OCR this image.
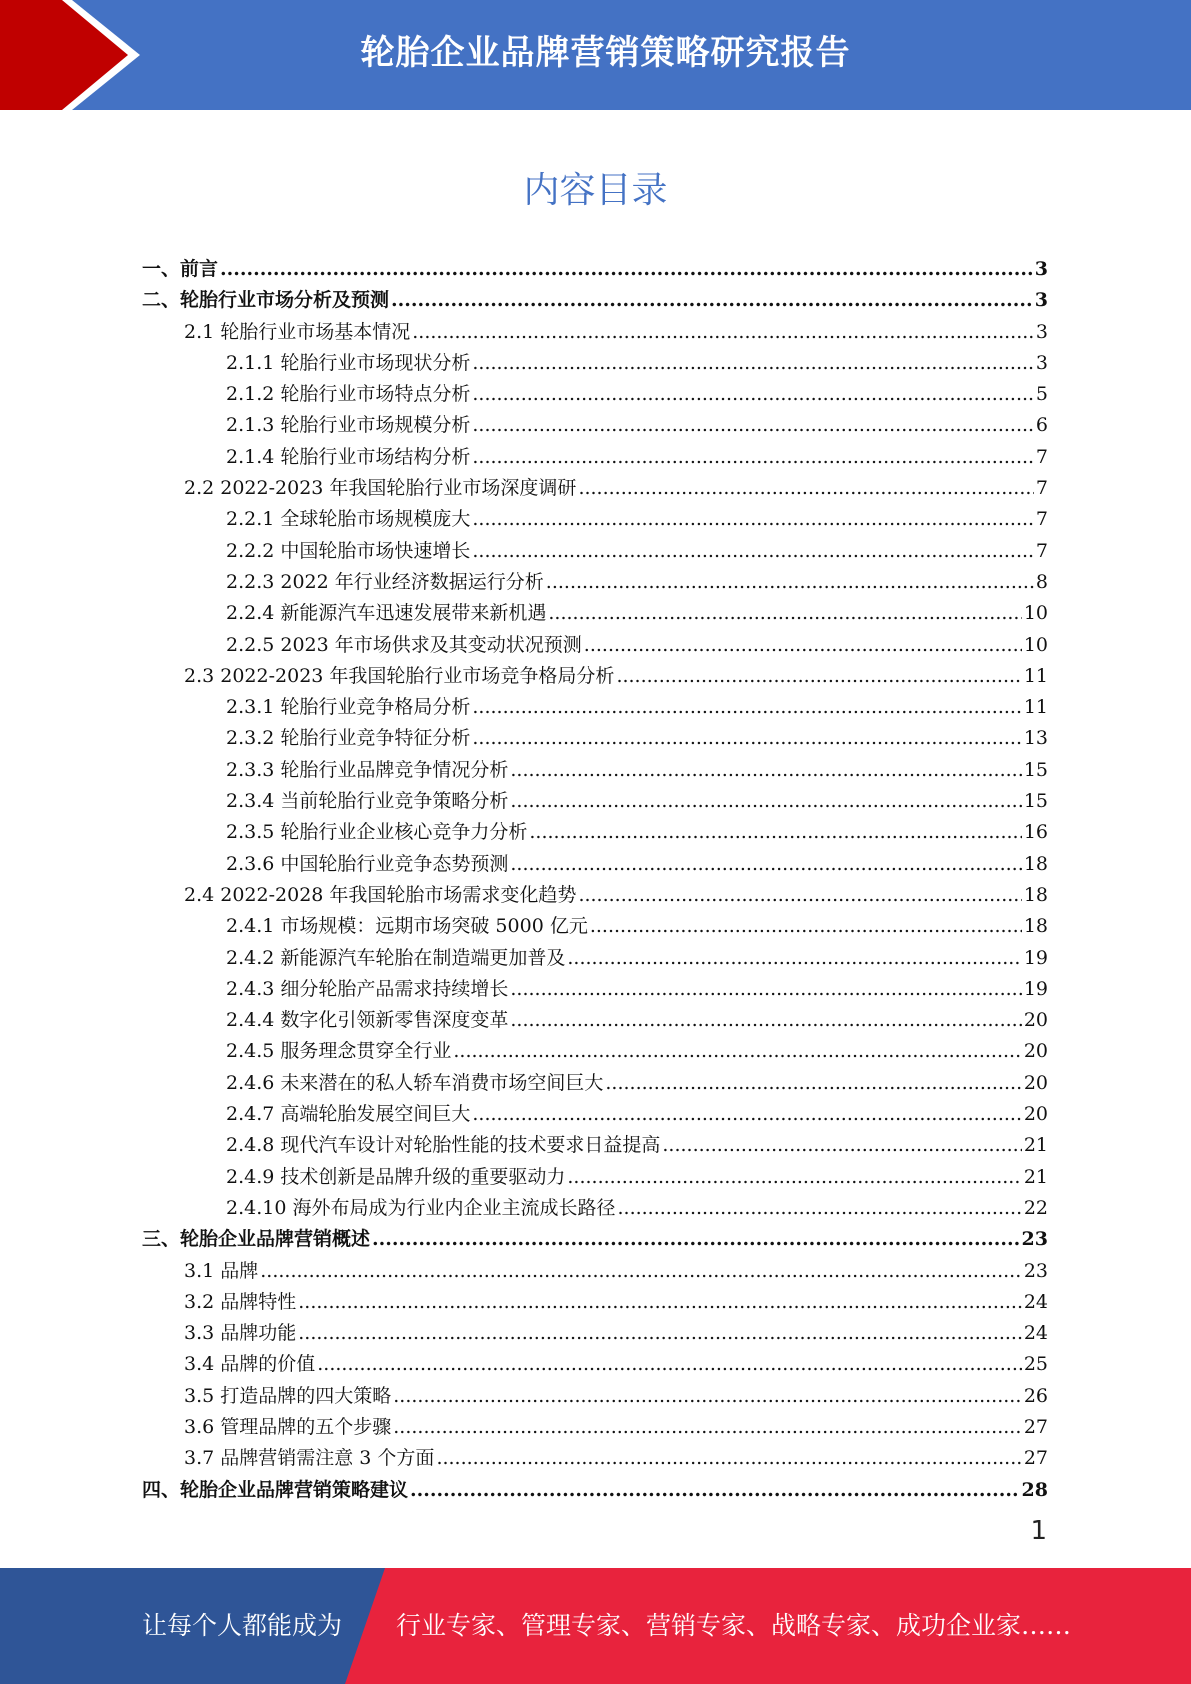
轮胎企业品牌营销策略研究报告
内容目录
一、前言 .....	3
二、轮胎行业市场分析及预测 .....	3
2.1 轮胎行业市场基本情况 .....	3
2.1.1 轮胎行业市场现状分析 .....	3
2.1.2 轮胎行业市场特点分析 .....	5
2.1.3 轮胎行业市场规模分析 .....	6
2.1.4 轮胎行业市场结构分析 .....	7
2.2 2022-2023 年我国轮胎行业市场深度调研 .....	7
2.2.1 全球轮胎市场规模庞大 .....	7
2.2.2 中国轮胎市场快速增长 .....	7
2.2.3 2022 年行业经济数据运行分析 .....	8
2.2.4 新能源汽车迅速发展带来新机遇 .....	10
2.2.5 2023 年市场供求及其变动状况预测 .....	10
2.3 2022-2023 年我国轮胎行业市场竞争格局分析 .....	11
2.3.1 轮胎行业竞争格局分析 .....	11
2.3.2 轮胎行业竞争特征分析 .....	13
2.3.3 轮胎行业品牌竞争情况分析 .....	15
2.3.4 当前轮胎行业竞争策略分析 .....	15
2.3.5 轮胎行业企业核心竞争力分析 .....	16
2.3.6 中国轮胎行业竞争态势预测 .....	18
2.4 2022-2028 年我国轮胎市场需求变化趋势 .....	18
2.4.1 市场规模：远期市场突破 5000 亿元 .....	18
2.4.2 新能源汽车轮胎在制造端更加普及 .....	19
2.4.3 细分轮胎产品需求持续增长 .....	19
2.4.4 数字化引领新零售深度变革 .....	20
2.4.5 服务理念贯穿全行业 .....	20
2.4.6 未来潜在的私人轿车消费市场空间巨大 .....	20
2.4.7 高端轮胎发展空间巨大 .....	20
2.4.8 现代汽车设计对轮胎性能的技术要求日益提高 .....	21
2.4.9 技术创新是品牌升级的重要驱动力 .....	21
2.4.10 海外布局成为行业内企业主流成长路径 .....	22
三、轮胎企业品牌营销概述 .....	23
3.1 品牌 .....	23
3.2 品牌特性 .....	24
3.3 品牌功能 .....	24
3.4 品牌的价值 .....	25
3.5 打造品牌的四大策略 .....	26
3.6 管理品牌的五个步骤 .....	27
3.7 品牌营销需注意 3 个方面 .....	27
四、轮胎企业品牌营销策略建议 .....	28
1
让每个人都能成为 行业专家、管理专家、营销专家、战略专家、成功企业家……
